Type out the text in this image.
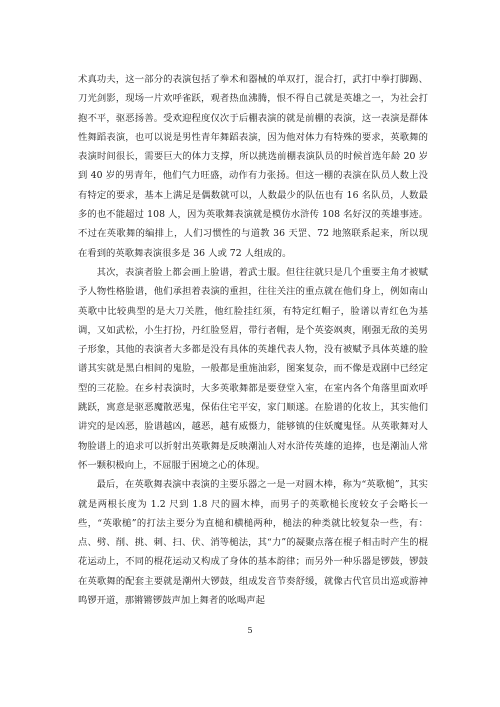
术真功夫，这一部分的表演包括了拳术和器械的单双打，混合打，武打中拳打脚踢、刀光剑影，现场一片欢呼雀跃，观者热血沸腾，恨不得自己就是英雄之一，为社会打抱不平，驱恶扬善。受欢迎程度仅次于后棚表演的就是前棚的表演，这一表演是群体性舞蹈表演，也可以说是男性青年舞蹈表演，因为他对体力有特殊的要求，英歌舞的表演时间很长，需要巨大的体力支撑，所以挑选前棚表演队员的时候首选年龄 20 岁到 40 岁的男青年，他们气力旺盛，动作有力张扬。但这一棚的表演在队员人数上没有特定的要求，基本上满足是偶数就可以，人数最少的队伍也有 16 名队员，人数最多的也不能超过 108 人，因为英歌舞表演就是模仿水浒传 108 名好汉的英雄事迹。不过在英歌舞的编排上，人们习惯性的与道教 36 天罡、72 地煞联系起来，所以现在看到的英歌舞表演很多是 36 人或 72 人组成的。

其次，表演者脸上都会画上脸谱，着武士服。但往往就只是几个重要主角才被赋予人物性格脸谱，他们承担着表演的重担，往往关注的重点就在他们身上，例如南山英歌中比较典型的是大刀关胜，他红脸挂红须，有特定红帽子，脸谱以青红色为基调，又如武松，小生打扮，丹红脸竖眉，带行者帽，是个英姿飒爽，刚强无敌的美男子形象，其他的表演者大多都是没有具体的英雄代表人物，没有被赋予具体英雄的脸谱其实就是黑白相间的鬼脸，一般都是重施油彩，图案复杂，而不像是戏剧中已经定型的三花脸。在乡村表演时，大多英歌舞都是要登堂入室，在室内各个角落里面欢呼跳跃，寓意是驱恶魔散恶鬼，保佑住宅平安，家门顺遂。在脸谱的化妆上，其实他们讲究的是凶恶，脸谱越凶，越恶，越有威慑力，能够镇的住妖魔鬼怪。从英歌舞对人物脸谱上的追求可以折射出英歌舞是反映潮汕人对水浒传英雄的追捧，也是潮汕人常怀一颗积极向上，不屈服于困境之心的体现。

最后，在英歌舞表演中表演的主要乐器之一是一对圆木棒，称为“英歌槌”，其实就是两根长度为 1.2 尺到 1.8 尺的圆木棒，而男子的英歌槌长度较女子会略长一些，“英歌槌”的打法主要分为直槌和横槌两种，槌法的种类就比较复杂一些，有：点、劈、削、挑、刺、扫、伏、消等槌法，其“力”的凝聚点落在棍子相击时产生的棍花运动上，不同的棍花运动又构成了身体的基本韵律；而另外一种乐器是锣鼓，锣鼓在英歌舞的配套主要就是潮州大锣鼓，组成发音节奏舒缓，就像古代官员出巡或游神鸣锣开道，那锵锵锣鼓声加上舞者的吆喝声起

5
